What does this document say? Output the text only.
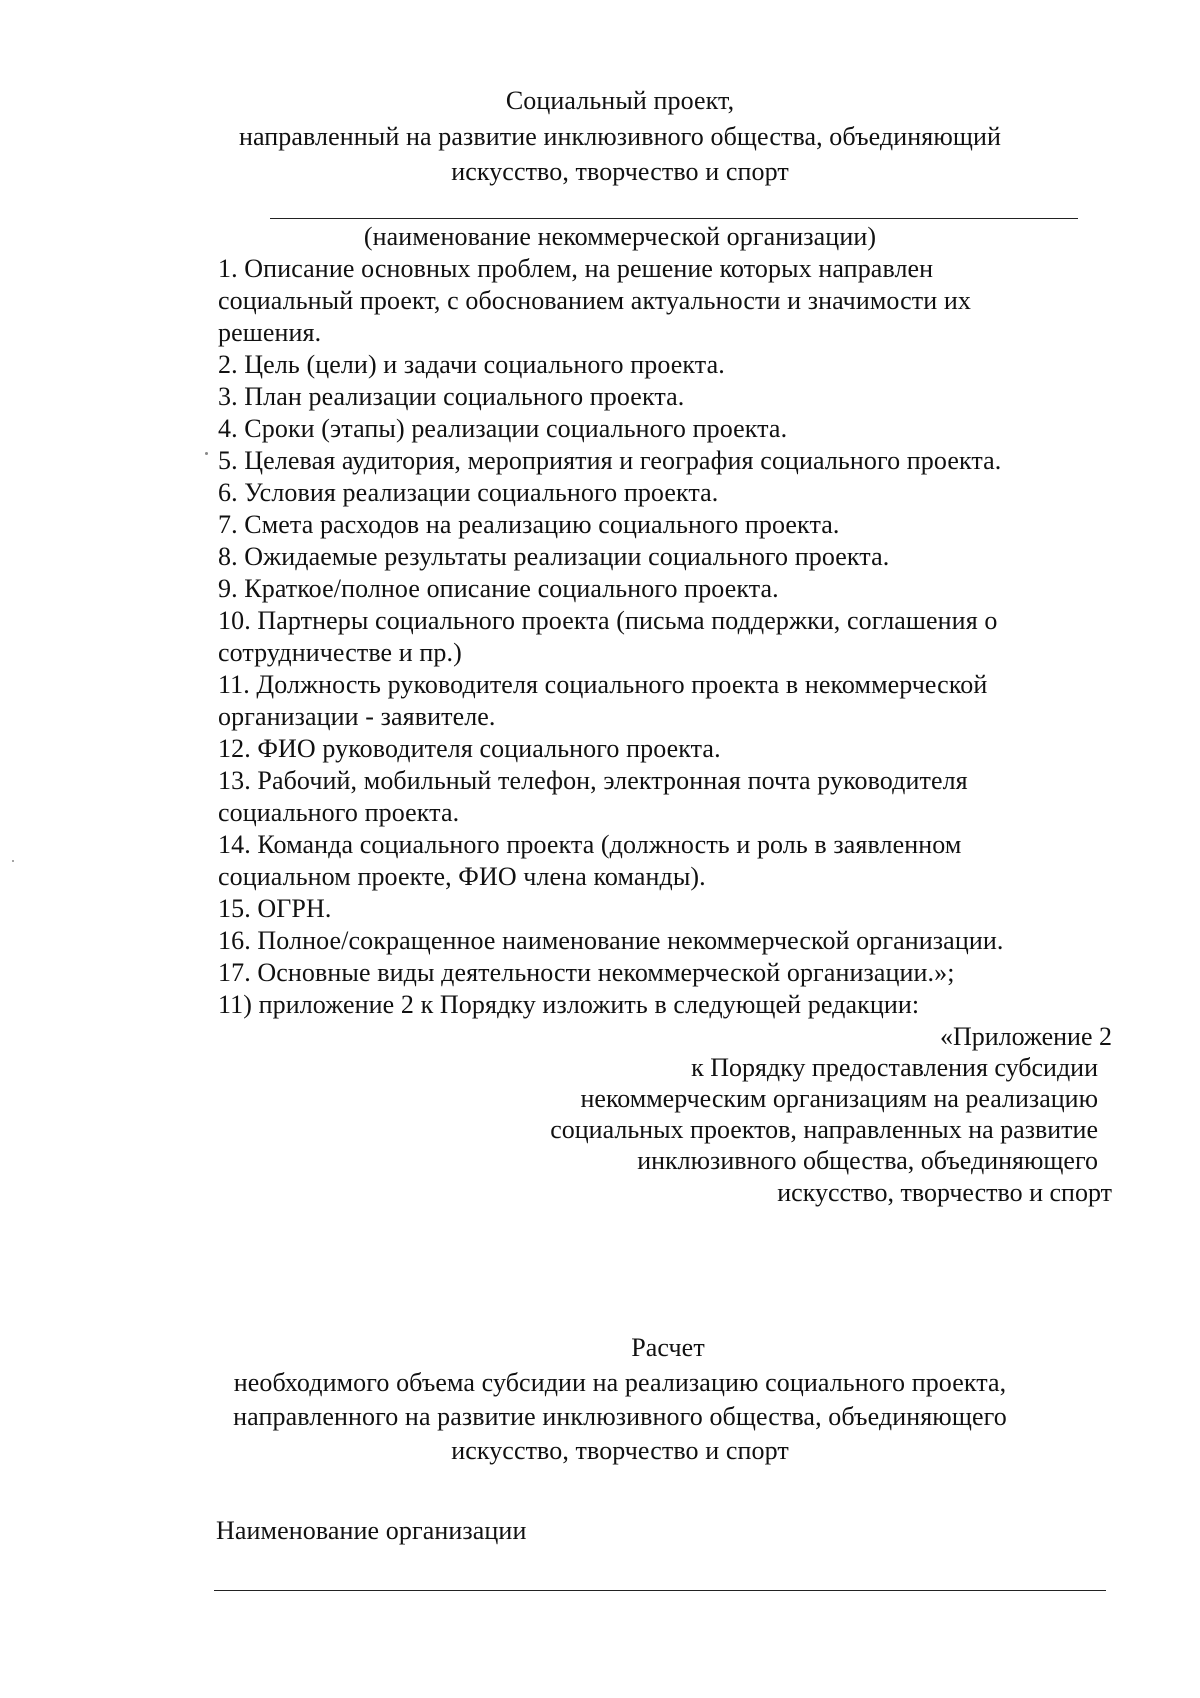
Социальный проект,
направленный на развитие инклюзивного общества, объединяющий
искусство, творчество и спорт
(наименование некоммерческой организации)
1. Описание основных проблем, на решение которых направлен
социальный проект, с обоснованием актуальности и значимости их
решения.
2. Цель (цели) и задачи социального проекта.
3. План реализации социального проекта.
4. Сроки (этапы) реализации социального проекта.
5. Целевая аудитория, мероприятия и география социального проекта.
6. Условия реализации социального проекта.
7. Смета расходов на реализацию социального проекта.
8. Ожидаемые результаты реализации социального проекта.
9. Краткое/полное описание социального проекта.
10. Партнеры социального проекта (письма поддержки, соглашения о
сотрудничестве и пр.)
11. Должность руководителя социального проекта в некоммерческой
организации - заявителе.
12. ФИО руководителя социального проекта.
13. Рабочий, мобильный телефон, электронная почта руководителя
социального проекта.
14. Команда социального проекта (должность и роль в заявленном
социальном проекте, ФИО члена команды).
15. ОГРН.
16. Полное/сокращенное наименование некоммерческой организации.
17. Основные виды деятельности некоммерческой организации.»;
11) приложение 2 к Порядку изложить в следующей редакции:
«Приложение 2
к Порядку предоставления субсидии
некоммерческим организациям на реализацию
социальных проектов, направленных на развитие
инклюзивного общества, объединяющего
искусство, творчество и спорт
Расчет
необходимого объема субсидии на реализацию социального проекта,
направленного на развитие инклюзивного общества, объединяющего
искусство, творчество и спорт
Наименование организации
